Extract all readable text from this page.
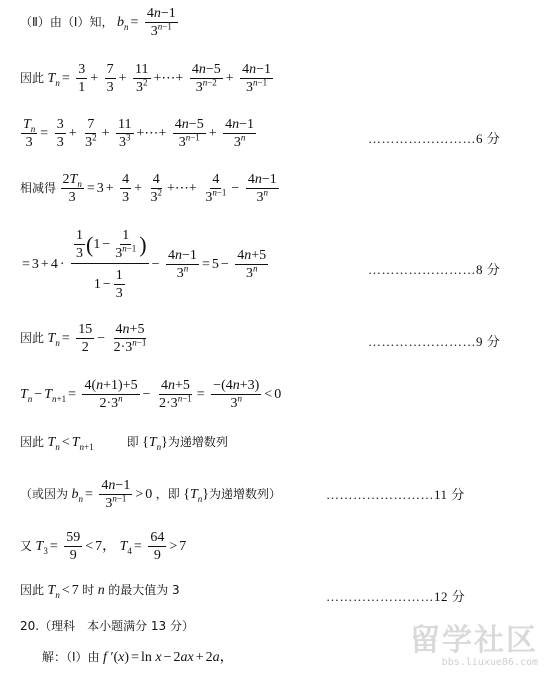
（Ⅱ）由（Ⅰ）知， $b_n = \frac{4n-1}{3^{n-1}}$
因此 $T_n = \frac{3}{1} + \frac{7}{3} + \frac{11}{3^2}$ +⋯+ $\frac{4n-5}{3^{n-2}} + \frac{4n-1}{3^{n-1}}$
$\frac{T_n}{3} = \frac{3}{3} + \frac{7}{3^2} + \frac{11}{3^3}$ +⋯+ $\frac{4n-5}{3^{n-1}} + \frac{4n-1}{3^n}$	……………………6 分
相减得 $\frac{2T_n}{3} = 3 + \frac{4}{3} + \frac{4}{3^2}$ +⋯+ $\frac{4}{3^{n-1}} - \frac{4n-1}{3^n}$
= $3 + 4 \cdot \frac{\frac{1}{3} (1 - \frac{1}{3^{n-1}} )}{1 - \frac{1}{3}} - \frac{4n-1}{3^n} = 5 - \frac{4n+5}{3^n}$	……………………8 分
因此 $T_n = \frac{15}{2} - \frac{4n+5}{2\cdot 3^{n-1}}$	……………………9 分
$T_n - T_{n+1} = \frac{4(n+1)+5}{2\cdot 3^n} - \frac{4n+5}{2\cdot 3^{n-1}} = \frac{-(4n+3)}{3^n} < 0$
因此 $T_n < T_{n+1}$	即 $\{T_n\}$为递增数列
（或因为 $b_n = \frac{4n-1}{3^{n-1}} > 0$ ，即 $\{T_n\}$为递增数列）	……………………11 分
又 $T_3 = \frac{59}{9} < 7$， $T_4 = \frac{64}{9} > 7$
因此 $T_n < 7$ 时 n 的最大值为 3	……………………12 分
20.（理科　本小题满分 13 分）
解：（Ⅰ）由 f ′(x) = ln x − 2ax + 2a，	留学社区
bbs.liuxue86.com
